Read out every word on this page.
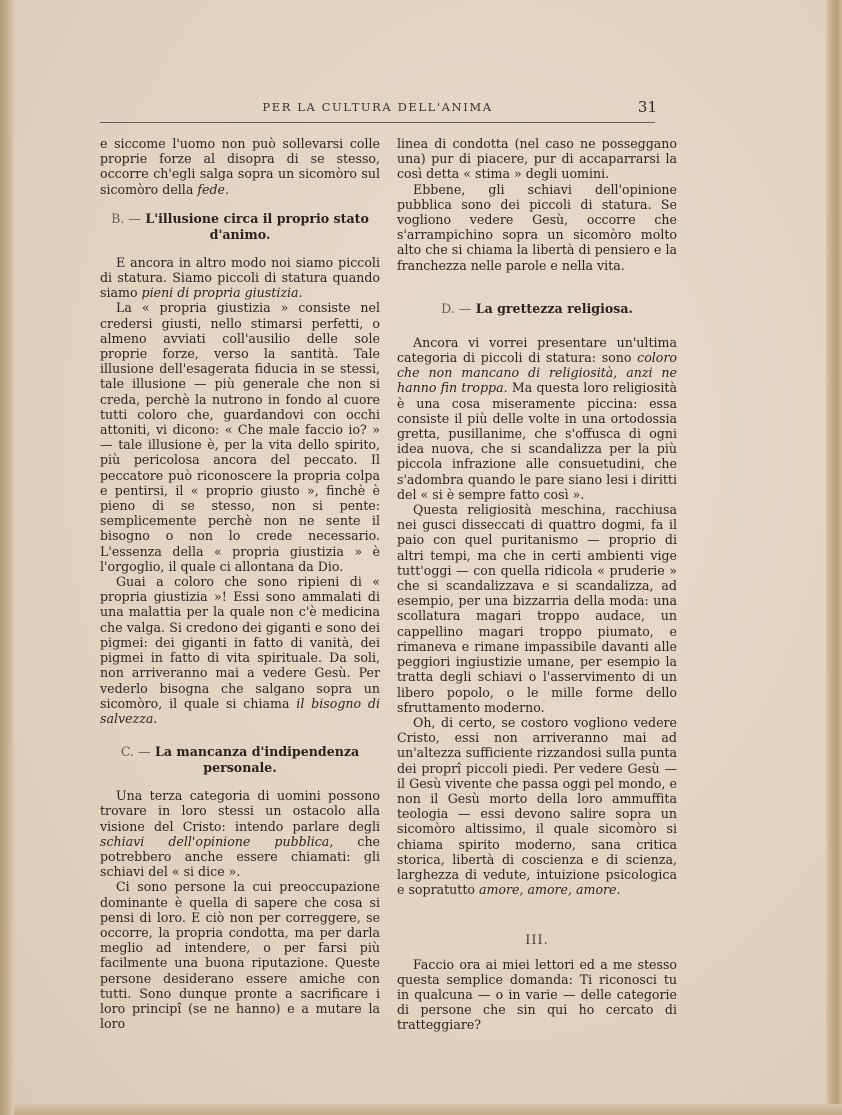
PER LA CULTURA DELL'ANIMA	31

e siccome l'uomo non può sollevarsi colle proprie forze al disopra di se stesso, occorre ch'egli salga sopra un sicomòro sul sicomòro della fede.

B. — L'illusione circa il proprio stato d'animo.

E ancora in altro modo noi siamo piccoli di statura. Siamo piccoli di statura quando siamo pieni di propria giustizia.

La « propria giustizia » consiste nel credersi giusti, nello stimarsi perfetti, o almeno avviati coll'ausilio delle sole proprie forze, verso la santità. Tale illusione dell'esagerata fiducia in se stessi, tale illusione — più generale che non si creda, perchè la nutrono in fondo al cuore tutti coloro che, guardandovi con occhi attoniti, vi dicono: « Che male faccio io? » — tale illusione è, per la vita dello spirito, più pericolosa ancora del peccato. Il peccatore può riconoscere la propria colpa e pentirsi, il « proprio giusto », finchè è pieno di se stesso, non si pente: semplicemente perchè non ne sente il bisogno o non lo crede necessario. L'essenza della « propria giustizia » è l'orgoglio, il quale ci allontana da Dio.

Guai a coloro che sono ripieni di « propria giustizia »! Essi sono ammalati di una malattia per la quale non c'è medicina che valga. Si credono dei giganti e sono dei pigmei: dei giganti in fatto di vanità, dei pigmei in fatto di vita spirituale. Da soli, non arriveranno mai a vedere Gesù. Per vederlo bisogna che salgano sopra un sicomòro, il quale si chiama il bisogno di salvezza.

C. — La mancanza d'indipendenza personale.

Una terza categoria di uomini possono trovare in loro stessi un ostacolo alla visione del Cristo: intendo parlare degli schiavi dell'opinione pubblica, che potrebbero anche essere chiamati: gli schiavi del « si dice ».

Ci sono persone la cui preoccupazione dominante è quella di sapere che cosa si pensi di loro. E ciò non per correggere, se occorre, la propria condotta, ma per darla meglio ad intendere, o per farsi più facilmente una buona riputazione. Queste persone desiderano essere amiche con tutti. Sono dunque pronte a sacrificare i loro principî (se ne hanno) e a mutare la loro

linea di condotta (nel caso ne posseggano una) pur di piacere, pur di accaparrarsi la così detta « stima » degli uomini.

Ebbene, gli schiavi dell'opinione pubblica sono dei piccoli di statura. Se vogliono vedere Gesù, occorre che s'arrampichino sopra un sicomòro molto alto che si chiama la libertà di pensiero e la franchezza nelle parole e nella vita.

D. — La grettezza religiosa.

Ancora vi vorrei presentare un'ultima categoria di piccoli di statura: sono coloro che non mancano di religiosità, anzi ne hanno fin troppa. Ma questa loro religiosità è una cosa miseramente piccina: essa consiste il più delle volte in una ortodossia gretta, pusillanime, che s'offusca di ogni idea nuova, che si scandalizza per la più piccola infrazione alle consuetudini, che s'adombra quando le pare siano lesi i diritti del « si è sempre fatto così ».

Questa religiosità meschina, racchiusa nei gusci disseccati di quattro dogmi, fa il paio con quel puritanismo — proprio di altri tempi, ma che in certi ambienti vige tutt'oggi — con quella ridicola « pruderie » che si scandalizzava e si scandalizza, ad esempio, per una bizzarria della moda: una scollatura magari troppo audace, un cappellino magari troppo piumato, e rimaneva e rimane impassibile davanti alle peggiori ingiustizie umane, per esempio la tratta degli schiavi o l'asservimento di un libero popolo, o le mille forme dello sfruttamento moderno.

Oh, di certo, se costoro vogliono vedere Cristo, essi non arriveranno mai ad un'altezza sufficiente rizzandosi sulla punta dei proprî piccoli piedi. Per vedere Gesù — il Gesù vivente che passa oggi pel mondo, e non il Gesù morto della loro ammuffita teologia — essi devono salire sopra un sicomòro altissimo, il quale sicomòro si chiama spirito moderno, sana critica storica, libertà di coscienza e di scienza, larghezza di vedute, intuizione psicologica e sopratutto amore, amore, amore.

III.

Faccio ora ai miei lettori ed a me stesso questa semplice domanda: Ti riconosci tu in qualcuna — o in varie — delle categorie di persone che sin qui ho cercato di tratteggiare?
